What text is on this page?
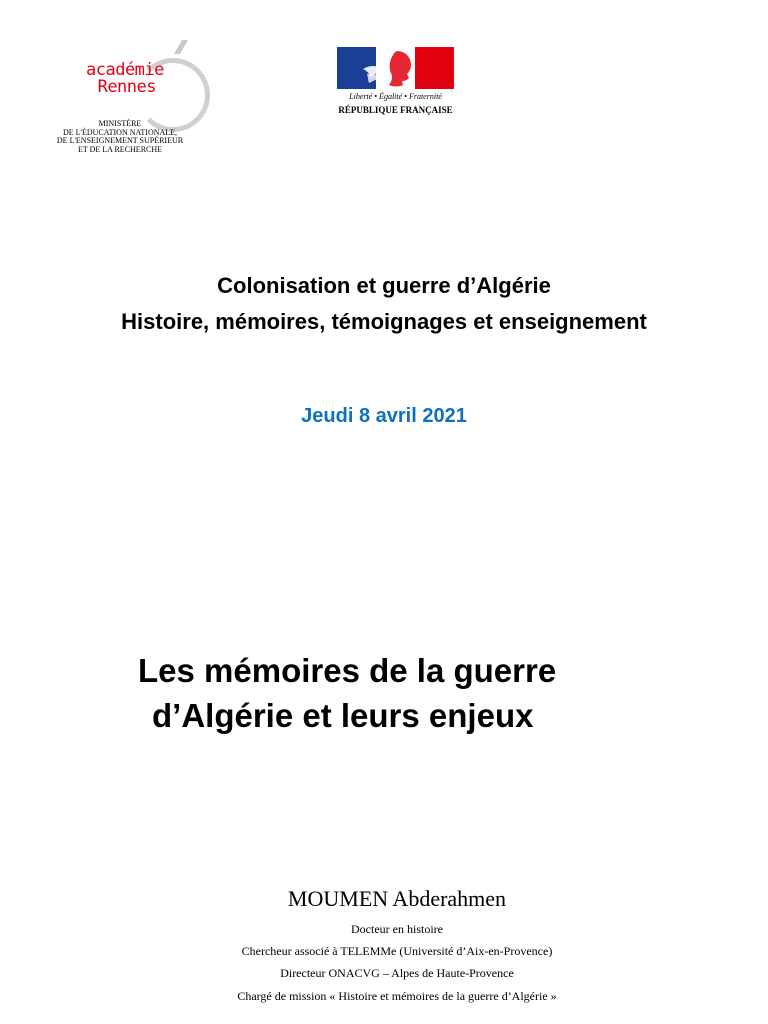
académie
Rennes
MINISTÈRE
DE L'ÉDUCATION NATIONALE,
DE L'ENSEIGNEMENT SUPÉRIEUR
ET DE LA RECHERCHE
Liberté • Égalité • Fraternité
RÉPUBLIQUE FRANÇAISE
Colonisation et guerre d’Algérie
Histoire, mémoires, témoignages et enseignement
Jeudi 8 avril 2021
Les mémoires de la guerre
d’Algérie et leurs enjeux
MOUMEN Abderahmen
Docteur en histoire
Chercheur associé à TELEMMe (Université d’Aix-en-Provence)
Directeur ONACVG – Alpes de Haute-Provence
Chargé de mission « Histoire et mémoires de la guerre d’Algérie »
